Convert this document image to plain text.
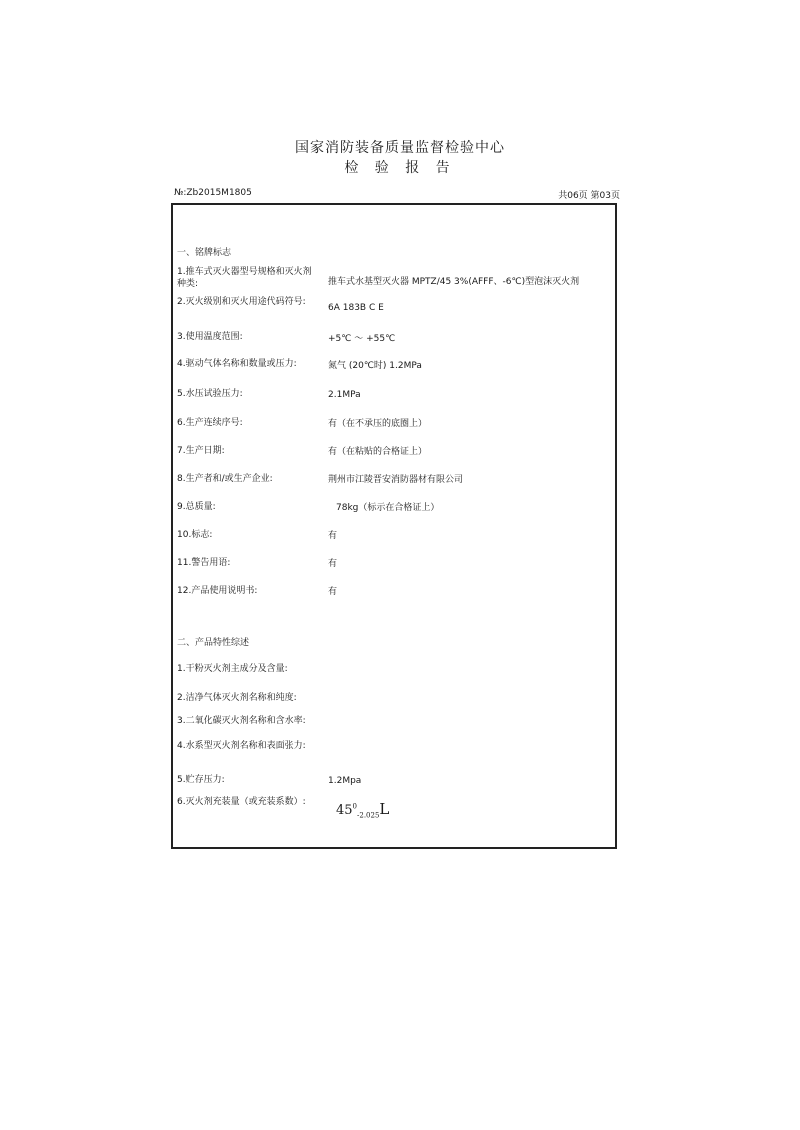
国家消防装备质量监督检验中心
检 验 报 告
№:Zb2015M1805	共06页 第03页
一、铭牌标志
1.推车式灭火器型号规格和灭火剂种类:	推车式水基型灭火器 MPTZ/45 3%(AFFF、-6℃)型泡沫灭火剂
2.灭火级别和灭火用途代码符号:
6A 183B C E
3.使用温度范围:	+5℃ ～ +55℃
4.驱动气体名称和数量或压力:	氮气 (20℃时) 1.2MPa
5.水压试验压力:	2.1MPa
6.生产连续序号:	有（在不承压的底圈上）
7.生产日期:	有（在粘贴的合格证上）
8.生产者和/或生产企业:	荆州市江陵晋安消防器材有限公司
9.总质量:	78kg（标示在合格证上）
10.标志:	有
11.警告用语:	有
12.产品使用说明书:	有
二、产品特性综述
1.干粉灭火剂主成分及含量:
2.洁净气体灭火剂名称和纯度:
3.二氧化碳灭火剂名称和含水率:
4.水系型灭火剂名称和表面张力:
5.贮存压力:	1.2Mpa
6.灭火剂充装量（或充装系数）:
$45^0_{-2.025}L$
